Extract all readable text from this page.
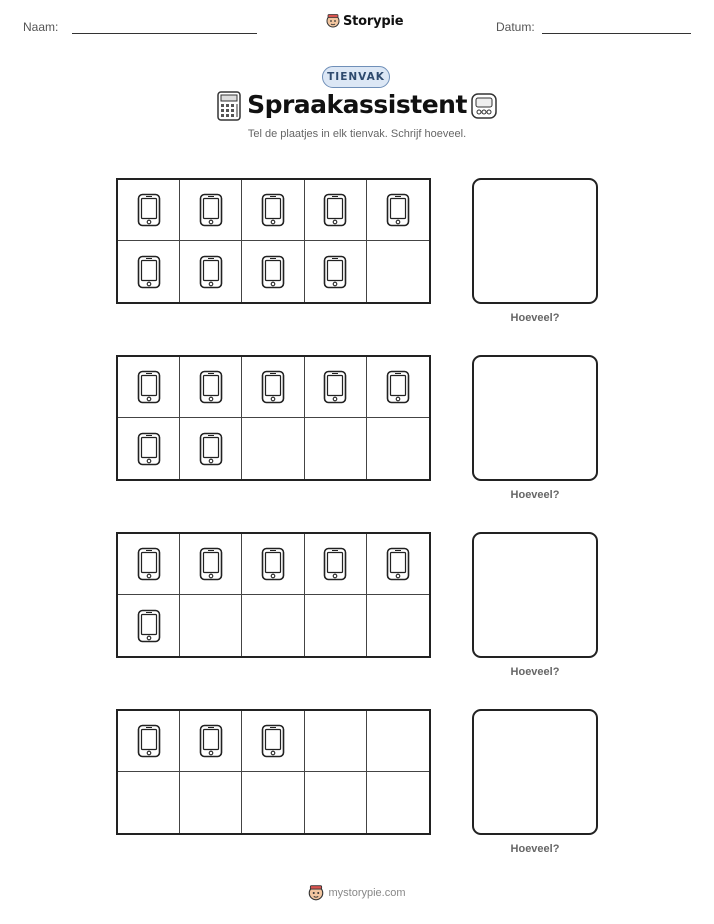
Naam:	Storypie	Datum:
TIENVAK
Spraakassistent
Tel de plaatjes in elk tienvak. Schrijf hoeveel.
Hoeveel?
Hoeveel?
Hoeveel?
Hoeveel?
mystorypie.com
